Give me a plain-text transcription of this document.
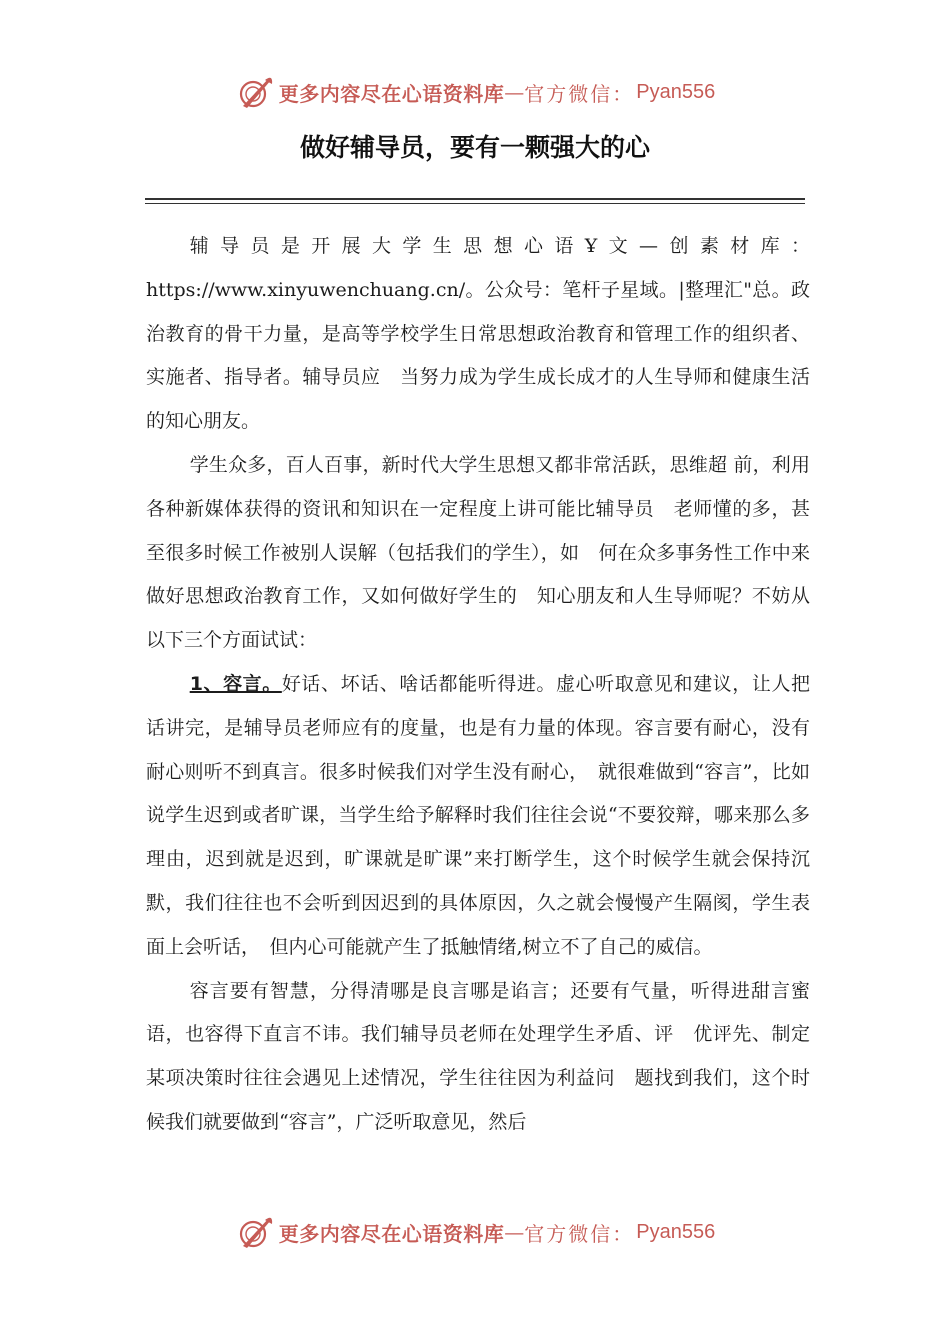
更多内容尽在心语资料库 — 官方微信： Pyan556
做好辅导员，要有一颗强大的心

辅导员是开展大学生思想心语Ұ文—创素材库：https://www.xinyuwenchuang.cn/。公众号：笔杆子星域。|整理汇"总。政治教育的骨干力量，是高等学校学生日常思想政治教育和管理工作的组织者、实施者、指导者。辅导员应　当努力成为学生成长成才的人生导师和健康生活的知心朋友。

学生众多，百人百事，新时代大学生思想又都非常活跃，思维超 前，利用各种新媒体获得的资讯和知识在一定程度上讲可能比辅导员　老师懂的多，甚至很多时候工作被别人误解（包括我们的学生），如　何在众多事务性工作中来做好思想政治教育工作，又如何做好学生的　知心朋友和人生导师呢？不妨从以下三个方面试试：

1、容言。好话、坏话、啥话都能听得进。虚心听取意见和建议，让人把话讲完，是辅导员老师应有的度量，也是有力量的体现。容言要有耐心，没有耐心则听不到真言。很多时候我们对学生没有耐心，　就很难做到“容言”，比如说学生迟到或者旷课，当学生给予解释时我们往往会说“不要狡辩，哪来那么多理由，迟到就是迟到，旷课就是旷课”来打断学生，这个时候学生就会保持沉默，我们往往也不会听到因迟到的具体原因，久之就会慢慢产生隔阂，学生表面上会听话，　但内心可能就产生了抵触情绪,树立不了自己的威信。

容言要有智慧，分得清哪是良言哪是谄言；还要有气量，听得进甜言蜜语，也容得下直言不讳。我们辅导员老师在处理学生矛盾、评　优评先、制定某项决策时往往会遇见上述情况，学生往往因为利益问　题找到我们，这个时候我们就要做到“容言”，广泛听取意见，然后

更多内容尽在心语资料库 — 官方微信： Pyan556
